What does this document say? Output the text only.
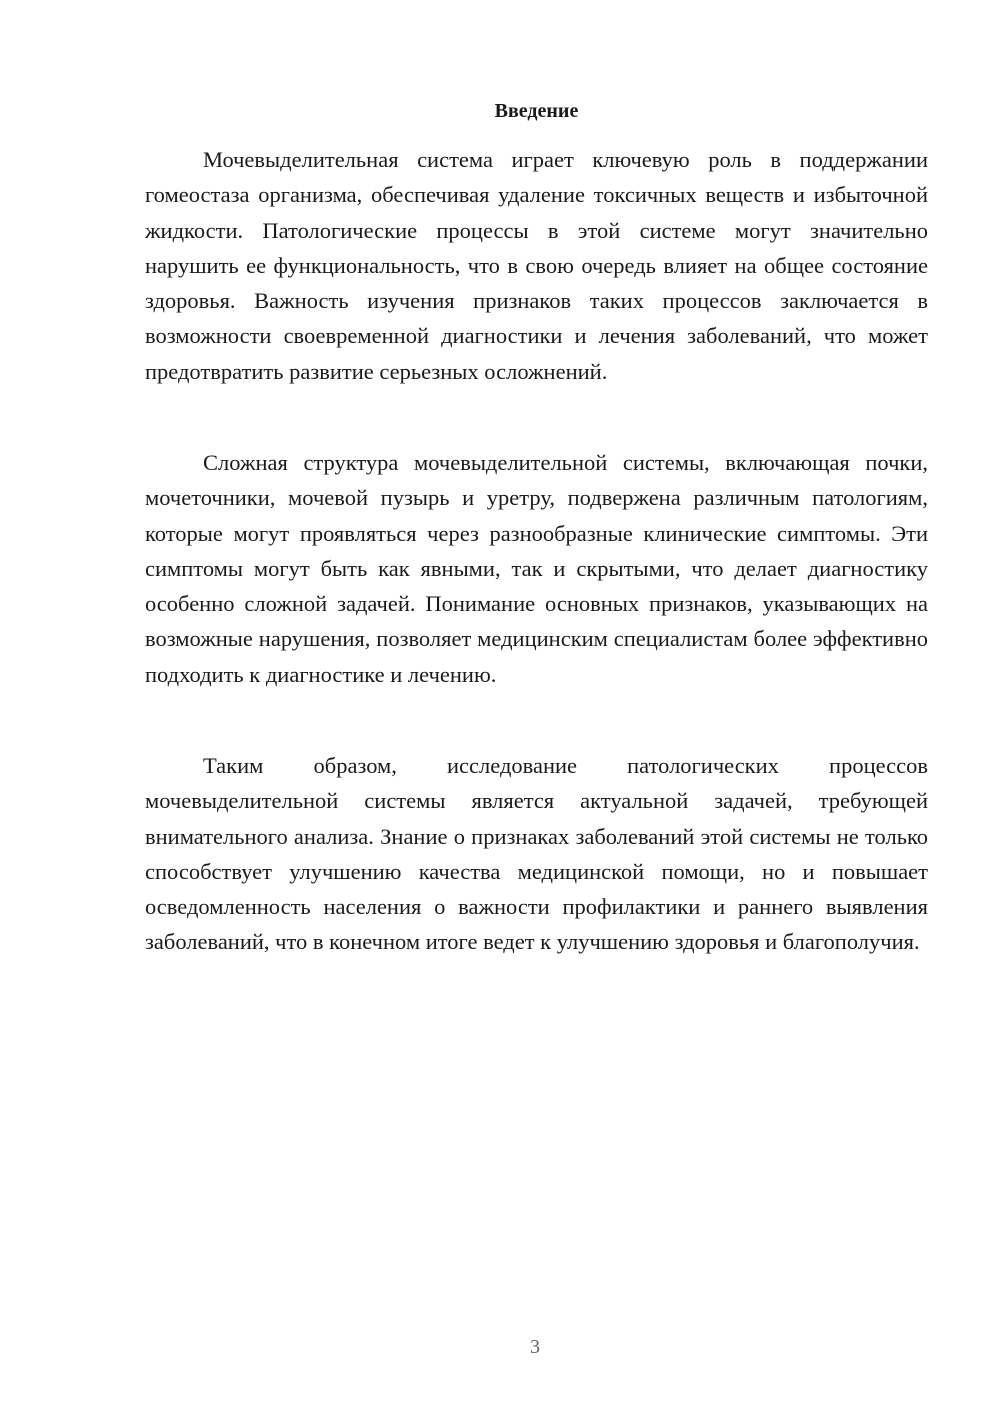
Введение

Мочевыделительная система играет ключевую роль в поддержании гомеостаза организма, обеспечивая удаление токсичных веществ и избыточной жидкости. Патологические процессы в этой системе могут значительно нарушить ее функциональность, что в свою очередь влияет на общее состояние здоровья. Важность изучения признаков таких процессов заключается в возможности своевременной диагностики и лечения заболеваний, что может предотвратить развитие серьезных осложнений.

Сложная структура мочевыделительной системы, включающая почки, мочеточники, мочевой пузырь и уретру, подвержена различным патологиям, которые могут проявляться через разнообразные клинические симптомы. Эти симптомы могут быть как явными, так и скрытыми, что делает диагностику особенно сложной задачей. Понимание основных признаков, указывающих на возможные нарушения, позволяет медицинским специалистам более эффективно подходить к диагностике и лечению.

Таким образом, исследование патологических процессов мочевыделительной системы является актуальной задачей, требующей внимательного анализа. Знание о признаках заболеваний этой системы не только способствует улучшению качества медицинской помощи, но и повышает осведомленность населения о важности профилактики и раннего выявления заболеваний, что в конечном итоге ведет к улучшению здоровья и благополучия.

3
